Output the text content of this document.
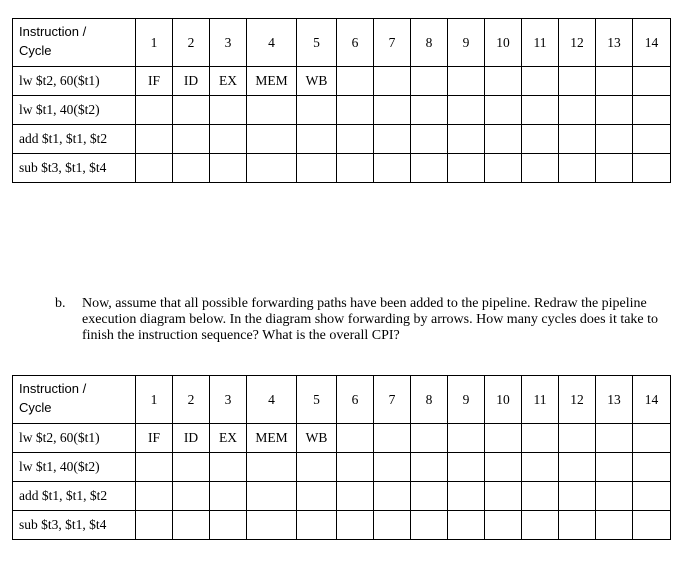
Instruction /
Cycle	1	2	3	4	5	6	7	8	9	10	11	12	13	14
lw $t2, 60($t1)	IF	ID	EX	MEM	WB									
lw $t1, 40($t2)														
add $t1, $t1, $t2														
sub $t3, $t1, $t4														
b. Now, assume that all possible forwarding paths have been added to the pipeline. Redraw the pipeline execution diagram below. In the diagram show forwarding by arrows. How many cycles does it take to finish the instruction sequence? What is the overall CPI?
Instruction /
Cycle	1	2	3	4	5	6	7	8	9	10	11	12	13	14
lw $t2, 60($t1)	IF	ID	EX	MEM	WB									
lw $t1, 40($t2)														
add $t1, $t1, $t2														
sub $t3, $t1, $t4														
